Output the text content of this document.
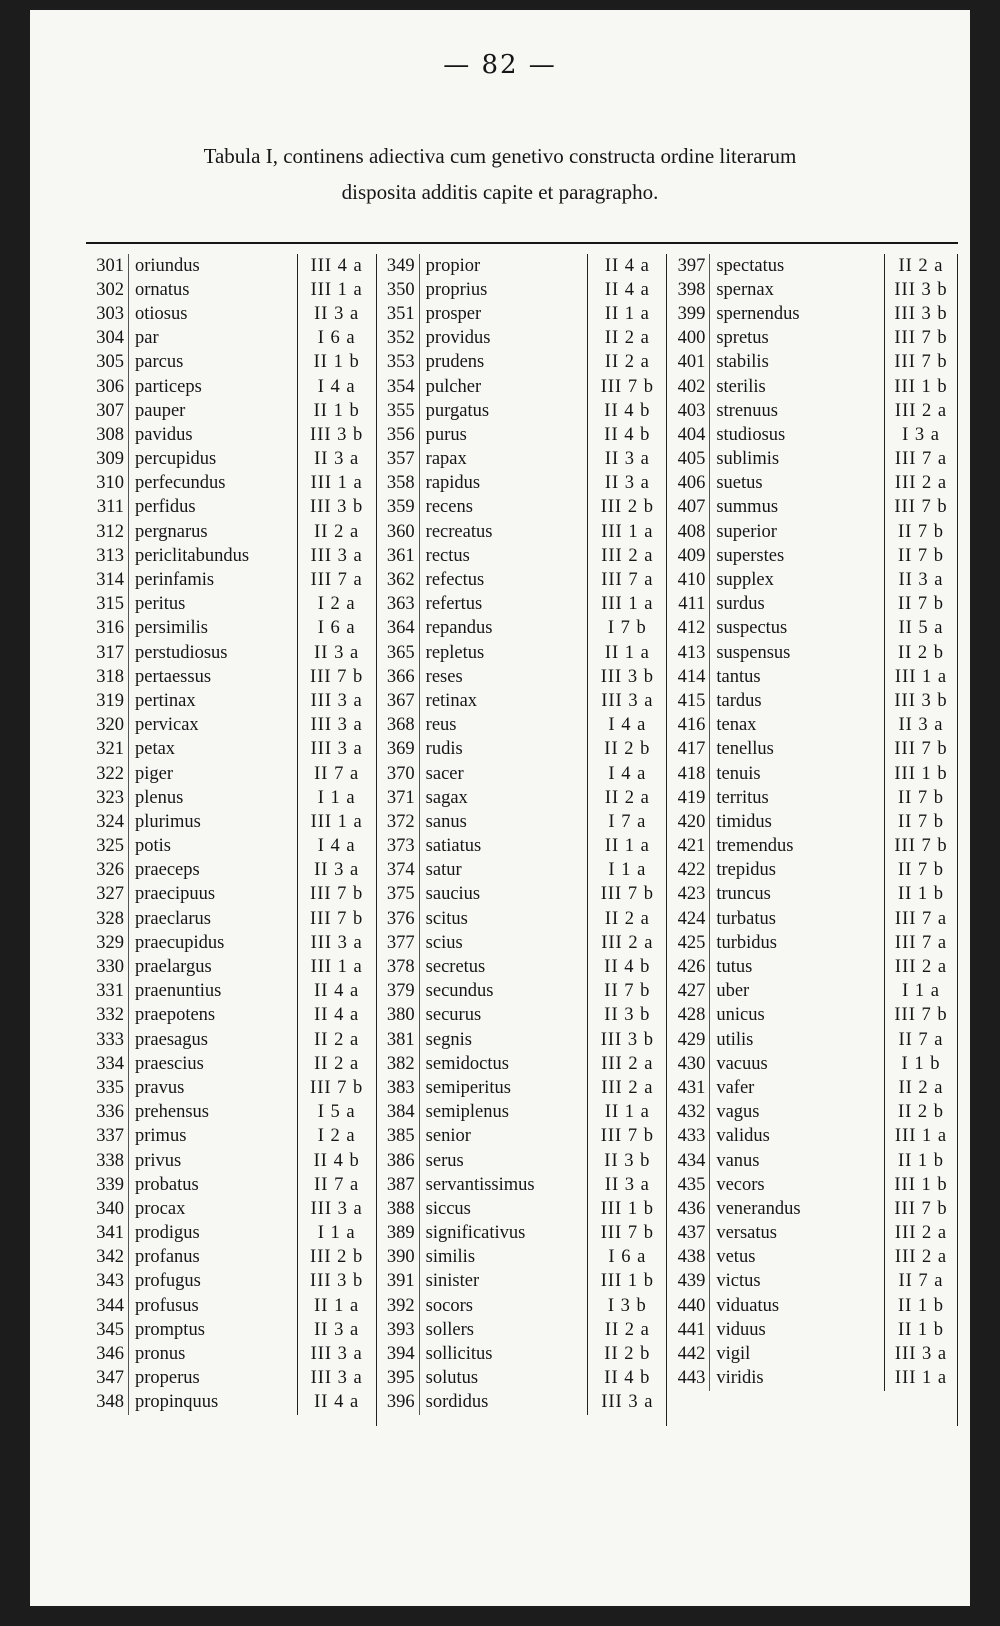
— 82 —
Tabula I, continens adiectiva cum genetivo constructa ordine literarum
disposita additis capite et paragrapho.
301 oriundus	III 4 a
302 ornatus	III 1 a
303 otiosus	II 3 a
304 par	I 6 a
305 parcus	II 1 b
306 particeps	I 4 a
307 pauper	II 1 b
308 pavidus	III 3 b
309 percupidus	II 3 a
310 perfecundus	III 1 a
311 perfidus	III 3 b
312 pergnarus	II 2 a
313 periclitabundus	III 3 a
314 perinfamis	III 7 a
315 peritus	I 2 a
316 persimilis	I 6 a
317 perstudiosus	II 3 a
318 pertaessus	III 7 b
319 pertinax	III 3 a
320 pervicax	III 3 a
321 petax	III 3 a
322 piger	II 7 a
323 plenus	I 1 a
324 plurimus	III 1 a
325 potis	I 4 a
326 praeceps	II 3 a
327 praecipuus	III 7 b
328 praeclarus	III 7 b
329 praecupidus	III 3 a
330 praelargus	III 1 a
331 praenuntius	II 4 a
332 praepotens	II 4 a
333 praesagus	II 2 a
334 praescius	II 2 a
335 pravus	III 7 b
336 prehensus	I 5 a
337 primus	I 2 a
338 privus	II 4 b
339 probatus	II 7 a
340 procax	III 3 a
341 prodigus	I 1 a
342 profanus	III 2 b
343 profugus	III 3 b
344 profusus	II 1 a
345 promptus	II 3 a
346 pronus	III 3 a
347 properus	III 3 a
348 propinquus	II 4 a
349 propior	II 4 a
350 proprius	II 4 a
351 prosper	II 1 a
352 providus	II 2 a
353 prudens	II 2 a
354 pulcher	III 7 b
355 purgatus	II 4 b
356 purus	II 4 b
357 rapax	II 3 a
358 rapidus	II 3 a
359 recens	III 2 b
360 recreatus	III 1 a
361 rectus	III 2 a
362 refectus	III 7 a
363 refertus	III 1 a
364 repandus	I 7 b
365 repletus	II 1 a
366 reses	III 3 b
367 retinax	III 3 a
368 reus	I 4 a
369 rudis	II 2 b
370 sacer	I 4 a
371 sagax	II 2 a
372 sanus	I 7 a
373 satiatus	II 1 a
374 satur	I 1 a
375 saucius	III 7 b
376 scitus	II 2 a
377 scius	III 2 a
378 secretus	II 4 b
379 secundus	II 7 b
380 securus	II 3 b
381 segnis	III 3 b
382 semidoctus	III 2 a
383 semiperitus	III 2 a
384 semiplenus	II 1 a
385 senior	III 7 b
386 serus	II 3 b
387 servantissimus	II 3 a
388 siccus	III 1 b
389 significativus	III 7 b
390 similis	I 6 a
391 sinister	III 1 b
392 socors	I 3 b
393 sollers	II 2 a
394 sollicitus	II 2 b
395 solutus	II 4 b
396 sordidus	III 3 a
397 spectatus	II 2 a
398 spernax	III 3 b
399 spernendus	III 3 b
400 spretus	III 7 b
401 stabilis	III 7 b
402 sterilis	III 1 b
403 strenuus	III 2 a
404 studiosus	I 3 a
405 sublimis	III 7 a
406 suetus	III 2 a
407 summus	III 7 b
408 superior	II 7 b
409 superstes	II 7 b
410 supplex	II 3 a
411 surdus	II 7 b
412 suspectus	II 5 a
413 suspensus	II 2 b
414 tantus	III 1 a
415 tardus	III 3 b
416 tenax	II 3 a
417 tenellus	III 7 b
418 tenuis	III 1 b
419 territus	II 7 b
420 timidus	II 7 b
421 tremendus	III 7 b
422 trepidus	II 7 b
423 truncus	II 1 b
424 turbatus	III 7 a
425 turbidus	III 7 a
426 tutus	III 2 a
427 uber	I 1 a
428 unicus	III 7 b
429 utilis	II 7 a
430 vacuus	I 1 b
431 vafer	II 2 a
432 vagus	II 2 b
433 validus	III 1 a
434 vanus	II 1 b
435 vecors	III 1 b
436 venerandus	III 7 b
437 versatus	III 2 a
438 vetus	III 2 a
439 victus	II 7 a
440 viduatus	II 1 b
441 viduus	II 1 b
442 vigil	III 3 a
443 viridis	III 1 a
